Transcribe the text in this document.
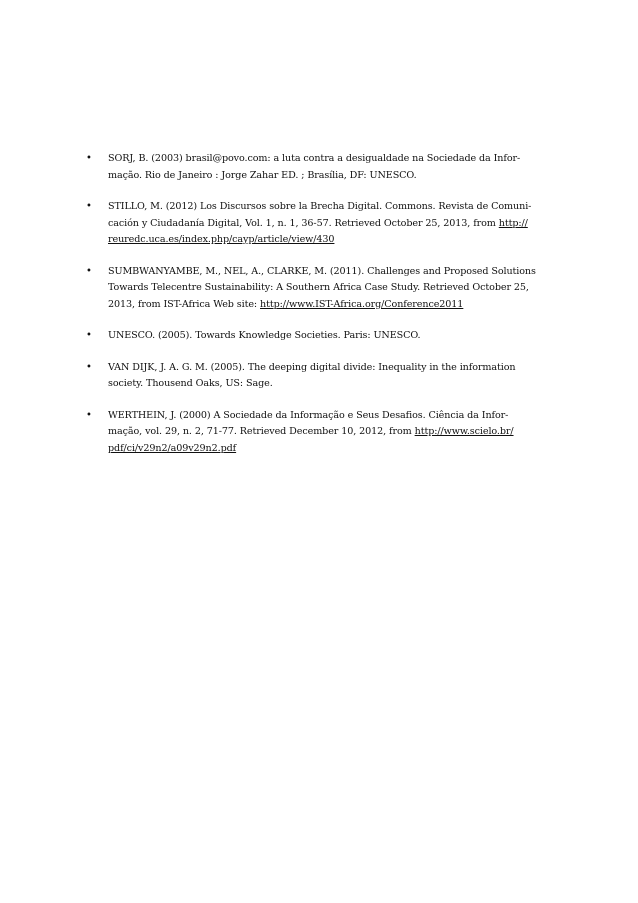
• SORJ, B. (2003) brasil@povo.com: a luta contra a desigualdade na Sociedade da Infor-
mação. Rio de Janeiro : Jorge Zahar ED. ; Brasília, DF: UNESCO.
• STILLO, M. (2012) Los Discursos sobre la Brecha Digital. Commons. Revista de Comuni-
cación y Ciudadanía Digital, Vol. 1, n. 1, 36-57. Retrieved October 25, 2013, from http://
reuredc.uca.es/index.php/cayp/article/view/430
• SUMBWANYAMBE, M., NEL, A., CLARKE, M. (2011). Challenges and Proposed Solutions
Towards Telecentre Sustainability: A Southern Africa Case Study. Retrieved October 25,
2013, from IST-Africa Web site: http://www.IST-Africa.org/Conference2011
• UNESCO. (2005). Towards Knowledge Societies. Paris: UNESCO.
• VAN DIJK, J. A. G. M. (2005). The deeping digital divide: Inequality in the information
society. Thousend Oaks, US: Sage.
• WERTHEIN, J. (2000) A Sociedade da Informação e Seus Desafios. Ciência da Infor-
mação, vol. 29, n. 2, 71-77. Retrieved December 10, 2012, from http://www.scielo.br/
pdf/ci/v29n2/a09v29n2.pdf
